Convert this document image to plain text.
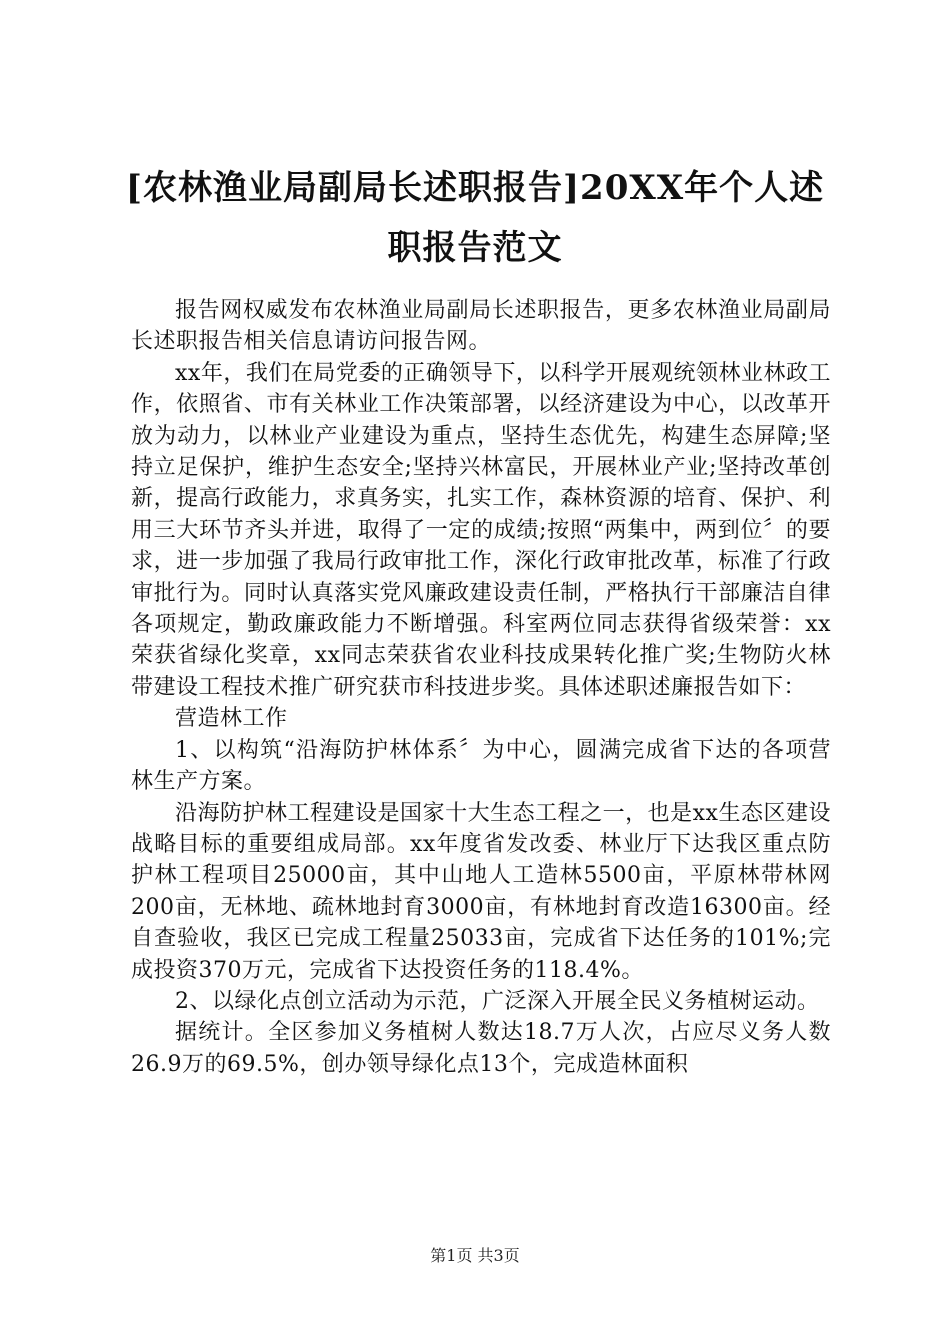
[农林渔业局副局长述职报告]20XX年个人述
职报告范文

报告网权威发布农林渔业局副局长述职报告，更多农林渔业局副局长述职报告相关信息请访问报告网。

xx年，我们在局党委的正确领导下，以科学开展观统领林业林政工作，依照省、市有关林业工作决策部署，以经济建设为中心，以改革开放为动力，以林业产业建设为重点，坚持生态优先，构建生态屏障;坚持立足保护，维护生态安全;坚持兴林富民，开展林业产业;坚持改革创新，提高行政能力，求真务实，扎实工作，森林资源的培育、保护、利用三大环节齐头并进，取得了一定的成绩;按照“两集中，两到位〞的要求，进一步加强了我局行政审批工作，深化行政审批改革，标准了行政审批行为。同时认真落实党风廉政建设责任制，严格执行干部廉洁自律各项规定，勤政廉政能力不断增强。科室两位同志获得省级荣誉：xx荣获省绿化奖章，xx同志荣获省农业科技成果转化推广奖;生物防火林带建设工程技术推广研究获市科技进步奖。具体述职述廉报告如下：

营造林工作

1、以构筑“沿海防护林体系〞为中心，圆满完成省下达的各项营林生产方案。

沿海防护林工程建设是国家十大生态工程之一，也是xx生态区建设战略目标的重要组成局部。xx年度省发改委、林业厅下达我区重点防护林工程项目25000亩，其中山地人工造林5500亩，平原林带林网200亩，无林地、疏林地封育3000亩，有林地封育改造16300亩。经自查验收，我区已完成工程量25033亩，完成省下达任务的101%;完成投资370万元，完成省下达投资任务的118.4%。

2、以绿化点创立活动为示范，广泛深入开展全民义务植树运动。

据统计。全区参加义务植树人数达18.7万人次，占应尽义务人数26.9万的69.5%，创办领导绿化点13个，完成造林面积

第1页 共3页
